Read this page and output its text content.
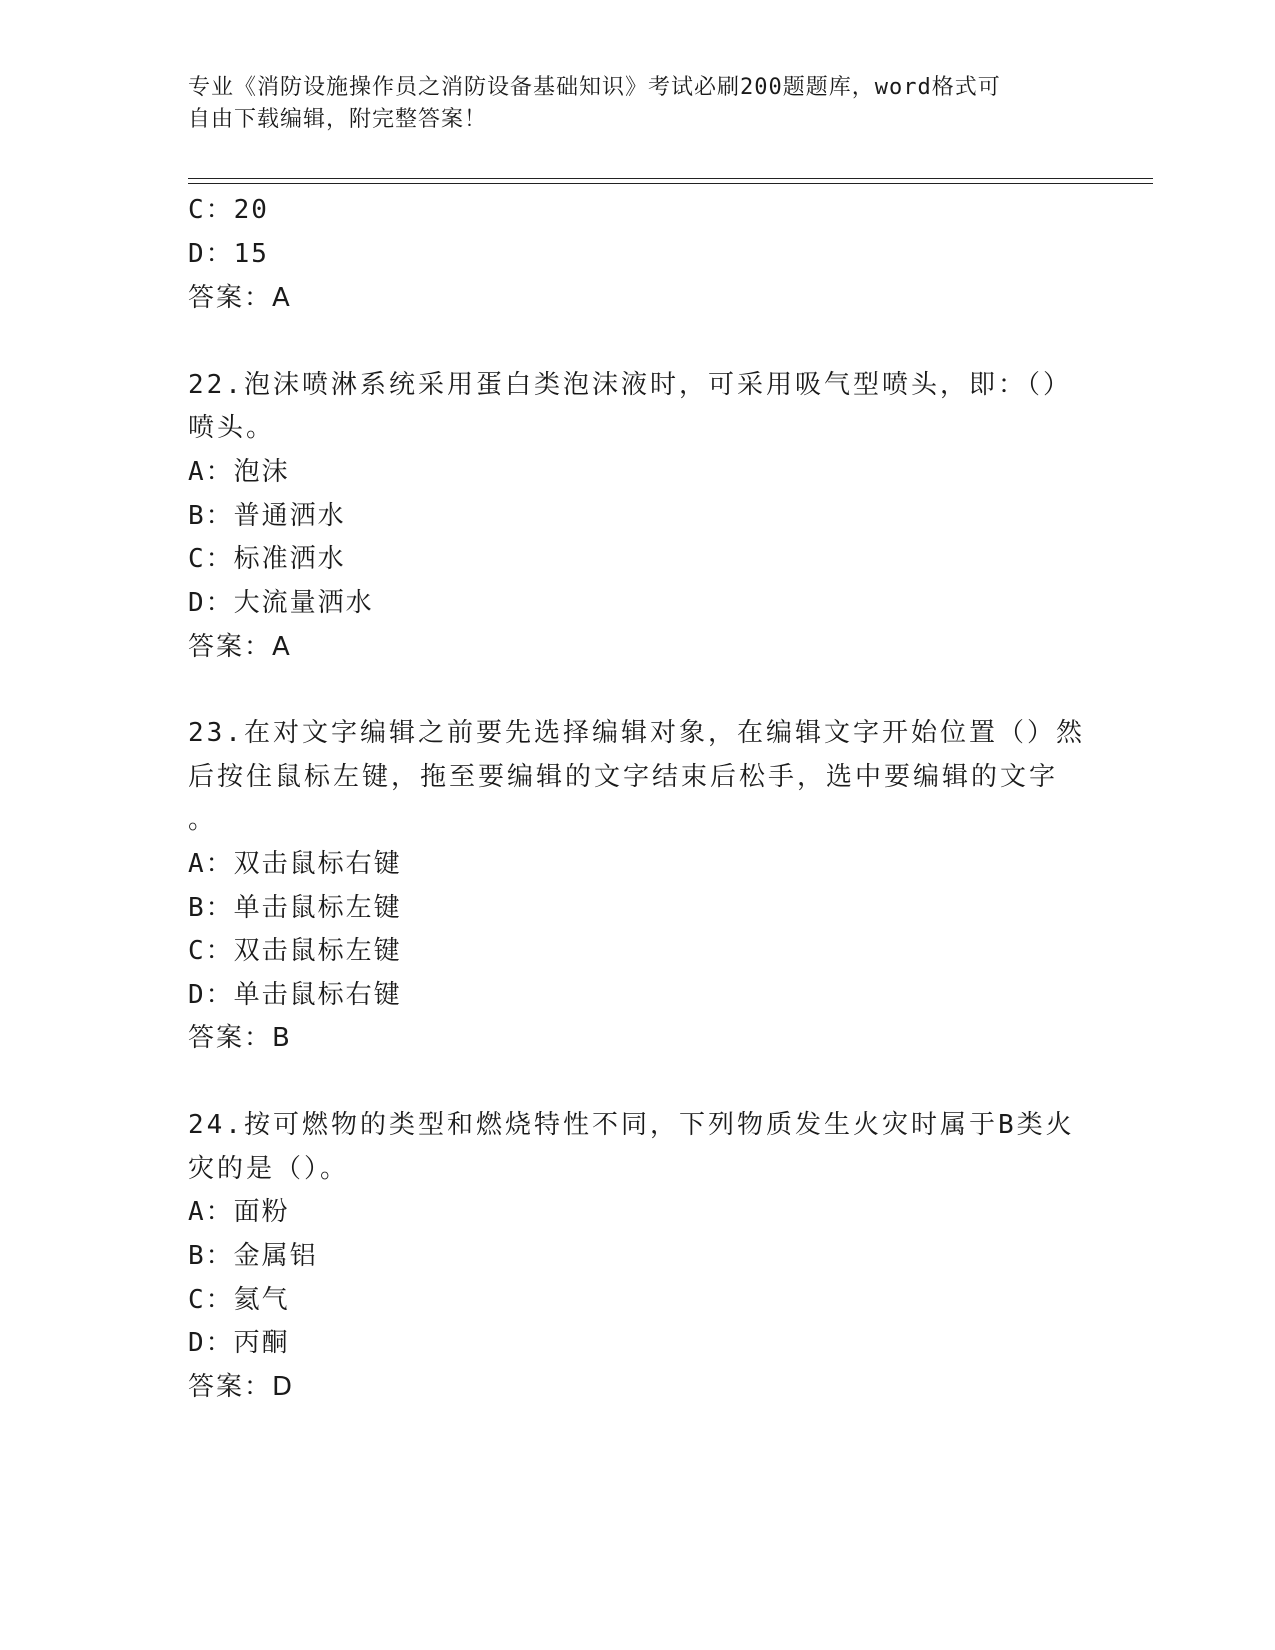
专业《消防设施操作员之消防设备基础知识》考试必刷200题题库，word格式可
自由下载编辑，附完整答案！
C：20
D：15
答案：A
22.泡沫喷淋系统采用蛋白类泡沫液时，可采用吸气型喷头，即：（）
喷头。
A：泡沫
B：普通洒水
C：标准洒水
D：大流量洒水
答案：A
23.在对文字编辑之前要先选择编辑对象，在编辑文字开始位置（）然
后按住鼠标左键，拖至要编辑的文字结束后松手，选中要编辑的文字
。
A：双击鼠标右键
B：单击鼠标左键
C：双击鼠标左键
D：单击鼠标右键
答案：B
24.按可燃物的类型和燃烧特性不同，下列物质发生火灾时属于B类火
灾的是（）。
A：面粉
B：金属铝
C：氦气
D：丙酮
答案：D
